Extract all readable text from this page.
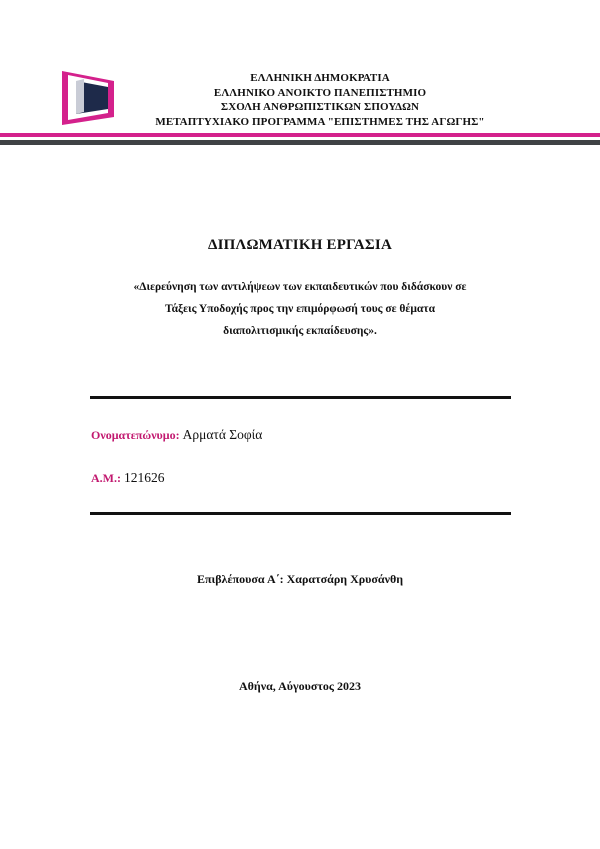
ΕΛΛΗΝΙΚΗ ΔΗΜΟΚΡΑΤΙΑ
ΕΛΛΗΝΙΚΟ ΑΝΟΙΚΤΟ ΠΑΝΕΠΙΣΤΗΜΙΟ
ΣΧΟΛΗ ΑΝΘΡΩΠΙΣΤΙΚΩΝ ΣΠΟΥΔΩΝ
ΜΕΤΑΠΤΥΧΙΑΚΟ ΠΡΟΓΡΑΜΜΑ "ΕΠΙΣΤΗΜΕΣ ΤΗΣ ΑΓΩΓΗΣ"
ΔΙΠΛΩΜΑΤΙΚΗ ΕΡΓΑΣΙΑ
«Διερεύνηση των αντιλήψεων των εκπαιδευτικών που διδάσκουν σε
Τάξεις Υποδοχής προς την επιμόρφωσή τους σε θέματα
διαπολιτισμικής εκπαίδευσης».
Ονοματεπώνυμο: Αρματά Σοφία
Α.Μ.: 121626
Επιβλέπουσα Α΄: Χαρατσάρη Χρυσάνθη
Αθήνα, Αύγουστος 2023
